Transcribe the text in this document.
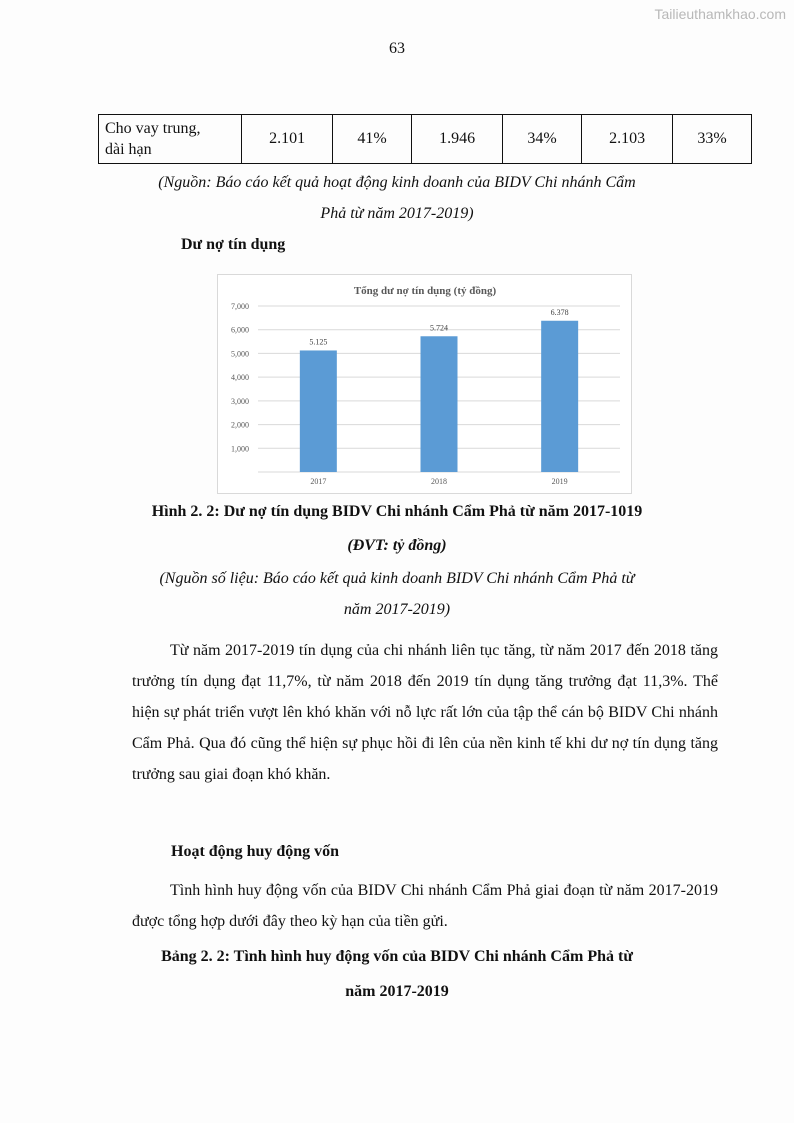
Tailieuthamkhao.com
63
Cho vay trung,
dài hạn	2.101	41%	1.946	34%	2.103	33%
(Nguồn: Báo cáo kết quả hoạt động kinh doanh của BIDV Chi nhánh Cẩm
Phả từ năm 2017-2019)
Dư nợ tín dụng
Tổng dư nợ tín dụng (tỷ đồng)
1,000
2,000
3,000
4,000
5,000
6,000
7,000
5.125
2017
5.724
2018
6.378
2019
Hình 2. 2: Dư nợ tín dụng BIDV Chi nhánh Cẩm Phả từ năm 2017-1019
(ĐVT: tỷ đồng)
(Nguồn số liệu: Báo cáo kết quả kinh doanh BIDV Chi nhánh Cẩm Phả từ
năm 2017-2019)
Từ năm 2017-2019 tín dụng của chi nhánh liên tục tăng, từ năm 2017 đến 2018 tăng trưởng tín dụng đạt 11,7%, từ năm 2018 đến 2019 tín dụng tăng trưởng đạt 11,3%. Thể hiện sự phát triển vượt lên khó khăn với nỗ lực rất lớn của tập thể cán bộ BIDV Chi nhánh Cẩm Phả. Qua đó cũng thể hiện sự phục hồi đi lên của nền kinh tế khi dư nợ tín dụng tăng trưởng sau giai đoạn khó khăn.
Hoạt động huy động vốn
Tình hình huy động vốn của BIDV Chi nhánh Cẩm Phả giai đoạn từ năm 2017-2019 được tổng hợp dưới đây theo kỳ hạn của tiền gửi.
Bảng 2. 2: Tình hình huy động vốn của BIDV Chi nhánh Cẩm Phả từ
năm 2017-2019
